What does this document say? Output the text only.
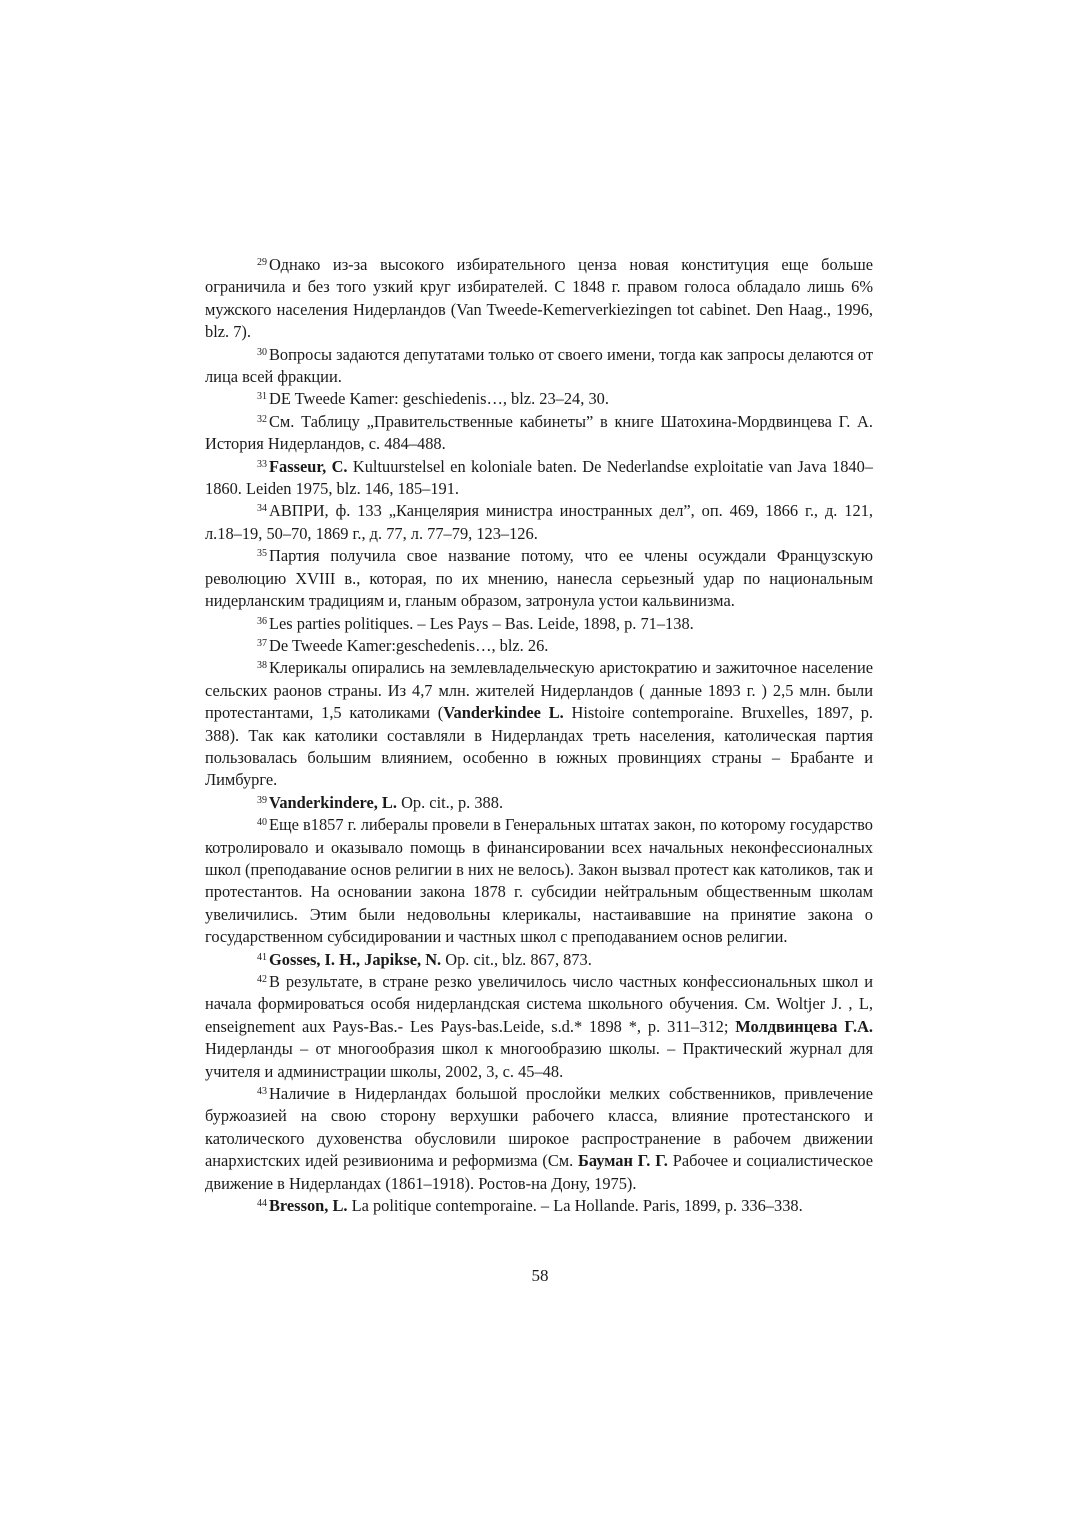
$^{29}$ Однако из-за высокого избирательного ценза новая конституция еще больше ограничила и без того узкий круг избирателей. С 1848 г. правом голоса обладало лишь 6% мужского населения Нидерландов (Van Tweede-Kemerverkiezingen tot cabinet. Den Haag., 1996, blz. 7).

$^{30}$ Вопросы задаются депутатами только от своего имени, тогда как запросы делаются от лица всей фракции.

$^{31}$ DE Tweede Kamer: geschiedenis…, blz. 23–24, 30.

$^{32}$ См. Таблицу „Правительственные кабинеты” в книге Шатохина-Мордвинцева Г. А. История Нидерландов, с. 484–488.

$^{33}$ Fasseur, C. Kultuurstelsel en koloniale baten. De Nederlandse exploitatie van Java 1840–1860. Leiden 1975, blz. 146, 185–191.

$^{34}$ АВПРИ, ф. 133 „Канцелярия министра иностранных дел”, оп. 469, 1866 г., д. 121, л.18–19, 50–70, 1869 г., д. 77, л. 77–79, 123–126.

$^{35}$ Партия получила свое название потому, что ее члены осуждали Французскую революцию XVIII в., которая, по их мнению, нанесла серьезный удар по национальным нидерланским традициям и, гланым образом, затронула устои кальвинизма.

$^{36}$ Les parties politiques. – Les Pays – Bas. Leide, 1898, p. 71–138.

$^{37}$ De Tweede Kamer:geschedenis…, blz. 26.

$^{38}$ Клерикалы опирались на землевладельческую аристократию и зажиточное население сельских раонов страны. Из 4,7 млн. жителей Нидерландов ( данные 1893 г. ) 2,5 млн. были протестантами, 1,5 католиками (Vanderkindee L. Histoire contemporaine. Bruxelles, 1897, p. 388). Так как католики составляли в Нидерландах треть населения, католическая партия пользовалась большим влиянием, особенно в южных провинциях страны – Брабанте и Лимбурге.

$^{39}$ Vanderkindere, L. Op. cit., p. 388.

$^{40}$ Еще в1857 г. либералы провели в Генеральных штатах закон, по которому государство котролировало и оказывало помощь в финансировании всех начальных неконфессионалных школ (преподавание основ религии в них не велось). Закон вызвал протест как католиков, так и протестантов. На основании закона 1878 г. субсидии нейтральным общественным школам увеличились. Этим были недовольны клерикалы, настаивавшие на принятие закона о государственном субсидировании и частных школ с преподаванием основ религии.

$^{41}$ Gosses, I. H., Japikse, N. Op. cit., blz. 867, 873.

$^{42}$ В результате, в стране резко увеличилось число частных конфессиональных школ и начала формироваться особя нидерландская система школьного обучения. См. Woltjer J. , L, enseignement aux Pays-Bas.- Les Pays-bas.Leide, s.d.* 1898 *, p. 311–312; Молдвинцева Г.А. Нидерланды – от многообразия школ к многообразию школы. – Практический журнал для учителя и администрации школы, 2002, 3, с. 45–48.

$^{43}$ Наличие в Нидерландах большой прослойки мелких собственников, привлечение буржоазией на свою сторону верхушки рабочего класса, влияние протестанского и католического духовенства обусловили широкое распространение в рабочем движении анархистских идей резивионима и реформизма (См. Бауман Г. Г. Рабочее и социалистическое движение в Нидерландах (1861–1918). Ростов-на Дону, 1975).

$^{44}$ Bresson, L. La politique contemporaine. – La Hollande. Paris, 1899, p. 336–338.

58
